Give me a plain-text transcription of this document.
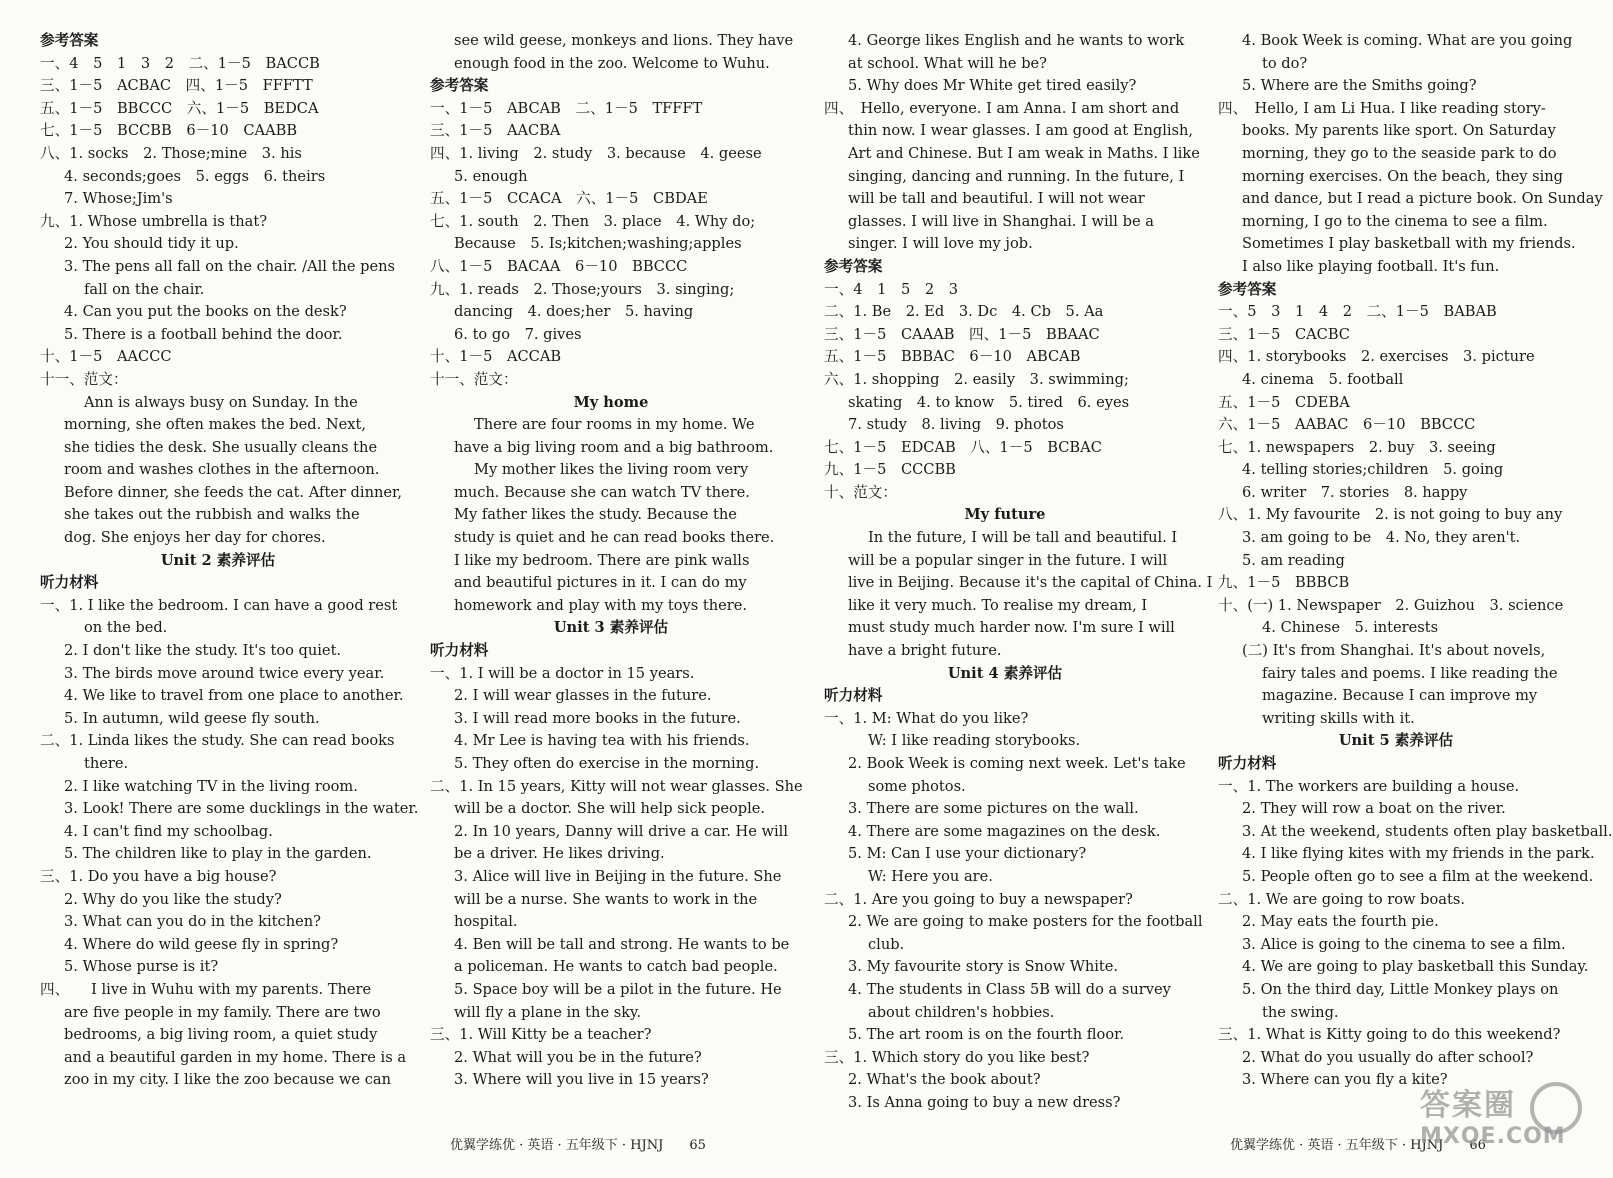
参考答案
一、4　5　1　3　2　二、1－5　BACCB
三、1－5　ACBAC　四、1－5　FFFTT
五、1－5　BBCCC　六、1－5　BEDCA
七、1－5　BCCBB　6－10　CAABB
八、1. socks　2. Those;mine　3. his
4. seconds;goes　5. eggs　6. theirs
7. Whose;Jim's
九、1. Whose umbrella is that?
2. You should tidy it up.
3. The pens all fall on the chair. /All the pens
fall on the chair.
4. Can you put the books on the desk?
5. There is a football behind the door.
十、1－5　AACCC
十一、范文：
Ann is always busy on Sunday. In the
morning, she often makes the bed. Next,
she tidies the desk. She usually cleans the
room and washes clothes in the afternoon.
Before dinner, she feeds the cat. After dinner,
she takes out the rubbish and walks the
dog. She enjoys her day for chores.
Unit 2 素养评估
听力材料
一、1. I like the bedroom. I can have a good rest
on the bed.
2. I don't like the study. It's too quiet.
3. The birds move around twice every year.
4. We like to travel from one place to another.
5. In autumn, wild geese fly south.
二、1. Linda likes the study. She can read books
there.
2. I like watching TV in the living room.
3. Look! There are some ducklings in the water.
4. I can't find my schoolbag.
5. The children like to play in the garden.
三、1. Do you have a big house?
2. Why do you like the study?
3. What can you do in the kitchen?
4. Where do wild geese fly in spring?
5. Whose purse is it?
四、　　I live in Wuhu with my parents. There
are five people in my family. There are two
bedrooms, a big living room, a quiet study
and a beautiful garden in my home. There is a
zoo in my city. I like the zoo because we can
see wild geese, monkeys and lions. They have
enough food in the zoo. Welcome to Wuhu.
参考答案
一、1－5　ABCAB　二、1－5　TFFFT
三、1－5　AACBA
四、1. living　2. study　3. because　4. geese
5. enough
五、1－5　CCACA　六、1－5　CBDAE
七、1. south　2. Then　3. place　4. Why do;
Because　5. Is;kitchen;washing;apples
八、1－5　BACAA　6－10　BBCCC
九、1. reads　2. Those;yours　3. singing;
dancing　4. does;her　5. having
6. to go　7. gives
十、1－5　ACCAB
十一、范文：
My home
There are four rooms in my home. We
have a big living room and a big bathroom.
My mother likes the living room very
much. Because she can watch TV there.
My father likes the study. Because the
study is quiet and he can read books there.
I like my bedroom. There are pink walls
and beautiful pictures in it. I can do my
homework and play with my toys there.
Unit 3 素养评估
听力材料
一、1. I will be a doctor in 15 years.
2. I will wear glasses in the future.
3. I will read more books in the future.
4. Mr Lee is having tea with his friends.
5. They often do exercise in the morning.
二、1. In 15 years, Kitty will not wear glasses. She
will be a doctor. She will help sick people.
2. In 10 years, Danny will drive a car. He will
be a driver. He likes driving.
3. Alice will live in Beijing in the future. She
will be a nurse. She wants to work in the
hospital.
4. Ben will be tall and strong. He wants to be
a policeman. He wants to catch bad people.
5. Space boy will be a pilot in the future. He
will fly a plane in the sky.
三、1. Will Kitty be a teacher?
2. What will you be in the future?
3. Where will you live in 15 years?
4. George likes English and he wants to work
at school. What will he be?
5. Why does Mr White get tired easily?
四、　Hello, everyone. I am Anna. I am short and
thin now. I wear glasses. I am good at English,
Art and Chinese. But I am weak in Maths. I like
singing, dancing and running. In the future, I
will be tall and beautiful. I will not wear
glasses. I will live in Shanghai. I will be a
singer. I will love my job.
参考答案
一、4　1　5　2　3
二、1. Be　2. Ed　3. Dc　4. Cb　5. Aa
三、1－5　CAAAB　四、1－5　BBAAC
五、1－5　BBBAC　6－10　ABCAB
六、1. shopping　2. easily　3. swimming;
skating　4. to know　5. tired　6. eyes
7. study　8. living　9. photos
七、1－5　EDCAB　八、1－5　BCBAC
九、1－5　CCCBB
十、范文：
My future
In the future, I will be tall and beautiful. I
will be a popular singer in the future. I will
live in Beijing. Because it's the capital of China. I
like it very much. To realise my dream, I
must study much harder now. I'm sure I will
have a bright future.
Unit 4 素养评估
听力材料
一、1. M: What do you like?
W: I like reading storybooks.
2. Book Week is coming next week. Let's take
some photos.
3. There are some pictures on the wall.
4. There are some magazines on the desk.
5. M: Can I use your dictionary?
W: Here you are.
二、1. Are you going to buy a newspaper?
2. We are going to make posters for the football
club.
3. My favourite story is Snow White.
4. The students in Class 5B will do a survey
about children's hobbies.
5. The art room is on the fourth floor.
三、1. Which story do you like best?
2. What's the book about?
3. Is Anna going to buy a new dress?
4. Book Week is coming. What are you going
to do?
5. Where are the Smiths going?
四、　Hello, I am Li Hua. I like reading story-
books. My parents like sport. On Saturday
morning, they go to the seaside park to do
morning exercises. On the beach, they sing
and dance, but I read a picture book. On Sunday
morning, I go to the cinema to see a film.
Sometimes I play basketball with my friends.
I also like playing football. It's fun.
参考答案
一、5　3　1　4　2　二、1－5　BABAB
三、1－5　CACBC
四、1. storybooks　2. exercises　3. picture
4. cinema　5. football
五、1－5　CDEBA
六、1－5　AABAC　6－10　BBCCC
七、1. newspapers　2. buy　3. seeing
4. telling stories;children　5. going
6. writer　7. stories　8. happy
八、1. My favourite　2. is not going to buy any
3. am going to be　4. No, they aren't.
5. am reading
九、1－5　BBBCB
十、(一) 1. Newspaper　2. Guizhou　3. science
4. Chinese　5. interests
(二) It's from Shanghai. It's about novels,
fairy tales and poems. I like reading the
magazine. Because I can improve my
writing skills with it.
Unit 5 素养评估
听力材料
一、1. The workers are building a house.
2. They will row a boat on the river.
3. At the weekend, students often play basketball.
4. I like flying kites with my friends in the park.
5. People often go to see a film at the weekend.
二、1. We are going to row boats.
2. May eats the fourth pie.
3. Alice is going to the cinema to see a film.
4. We are going to play basketball this Sunday.
5. On the third day, Little Monkey plays on
the swing.
三、1. What is Kitty going to do this weekend?
2. What do you usually do after school?
3. Where can you fly a kite?
优翼学练优 · 英语 · 五年级下 · HJNJ　　65	优翼学练优 · 英语 · 五年级下 · HJNJ　　66
答案圈
MXQE.COM
